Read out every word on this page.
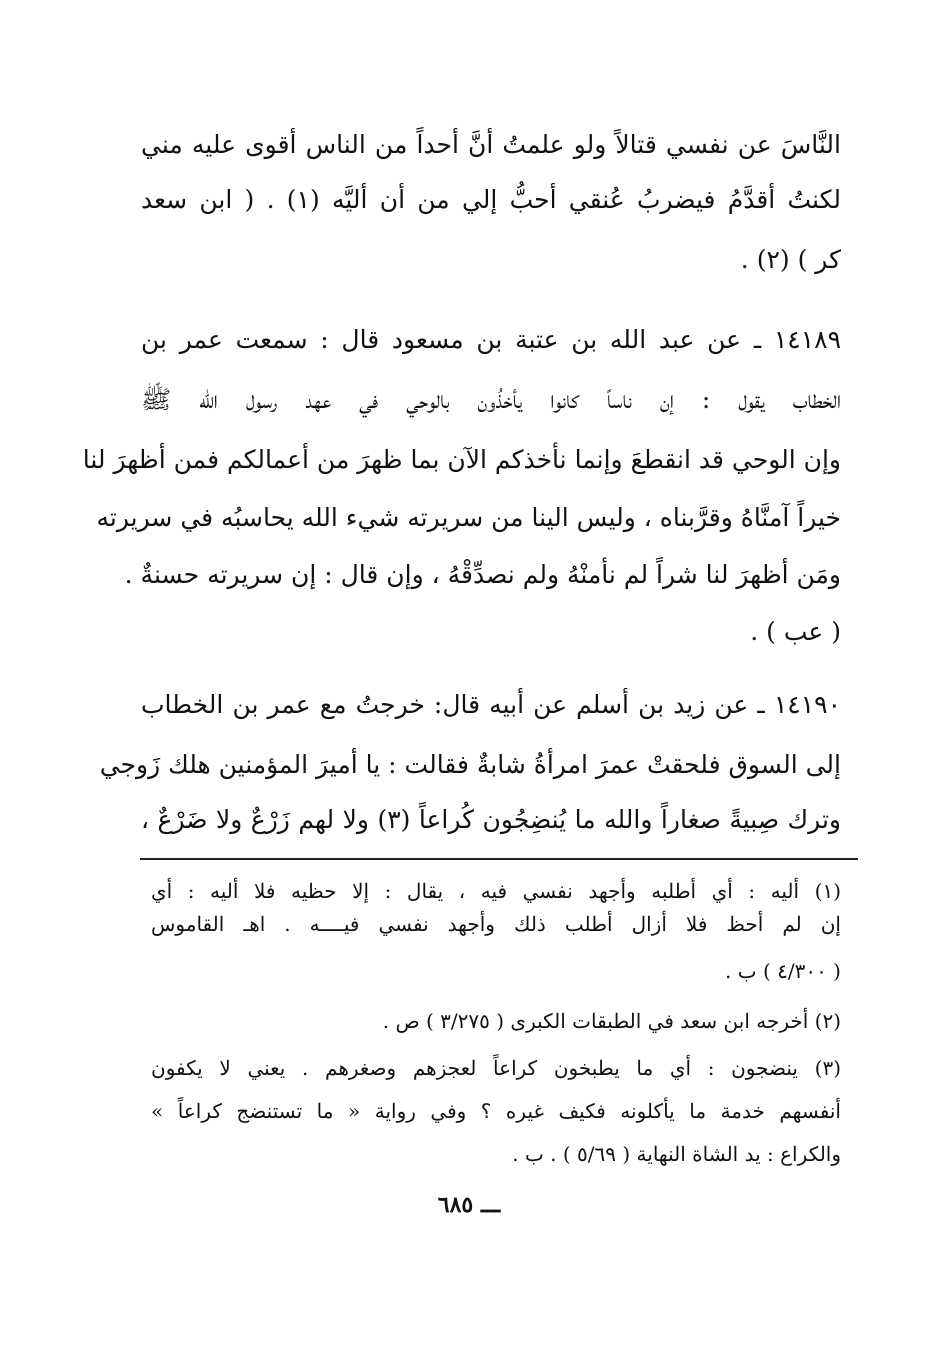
النَّاسَ عن نفسي قتالاً ولو علمتُ أنَّ أحداً من الناس أقوى عليه مني
لكنتُ أقدَّمُ فيضربُ عُنقي أحبُّ إلي من أن أليَّه (١) . ( ابن سعد
كر ) (٢) .
١٤١٨٩ ـ عن عبد الله بن عتبة بن مسعود قال : سمعت عمر بن
الخطاب يقول : إن ناساً كانوا يأخذُون بالوحي في عهد رسول الله ﷺ
وإن الوحي قد انقطعَ وإنما نأخذكم الآن بما ظهرَ من أعمالكم فمن أظهرَ لنا
خيراً آمنَّاهُ وقرَّبناه ، وليس الينا من سريرته شيء الله يحاسبُه في سريرته
ومَن أظهرَ لنا شراً لم نأمنْهُ ولم نصدِّقْهُ ، وإن قال : إن سريرته حسنةٌ .
( عب ) .
١٤١٩٠ ـ عن زيد بن أسلم عن أبيه قال: خرجتُ مع عمر بن الخطاب
إلى السوق فلحقتْ عمرَ امرأةُ شابةٌ فقالت : يا أميرَ المؤمنين هلك زَوجي
وترك صِبيةً صغاراً والله ما يُنضِجُون كُراعاً (٣) ولا لهم زَرْعٌ ولا ضَرْعٌ ،
(١) أليه : أي أطلبه وأجهد نفسي فيه ، يقال : إلا حظيه فلا أليه : أي
إن لم أحظ فلا أزال أطلب ذلك وأجهد نفسي فيــــه . اهـ القاموس
( ٤/٣٠٠ ) ب .
(٢) أخرجه ابن سعد في الطبقات الكبرى ( ٣/٢٧٥ ) ص .
(٣) ينضجون : أي ما يطبخون كراعاً لعجزهم وصغرهم . يعني لا يكفون
أنفسهم خدمة ما يأكلونه فكيف غيره ؟ وفي رواية « ما تستنضج كراعاً »
والكراع : يد الشاة النهاية ( ٥/٦٩ ) . ب .
ـــ ٦٨٥
